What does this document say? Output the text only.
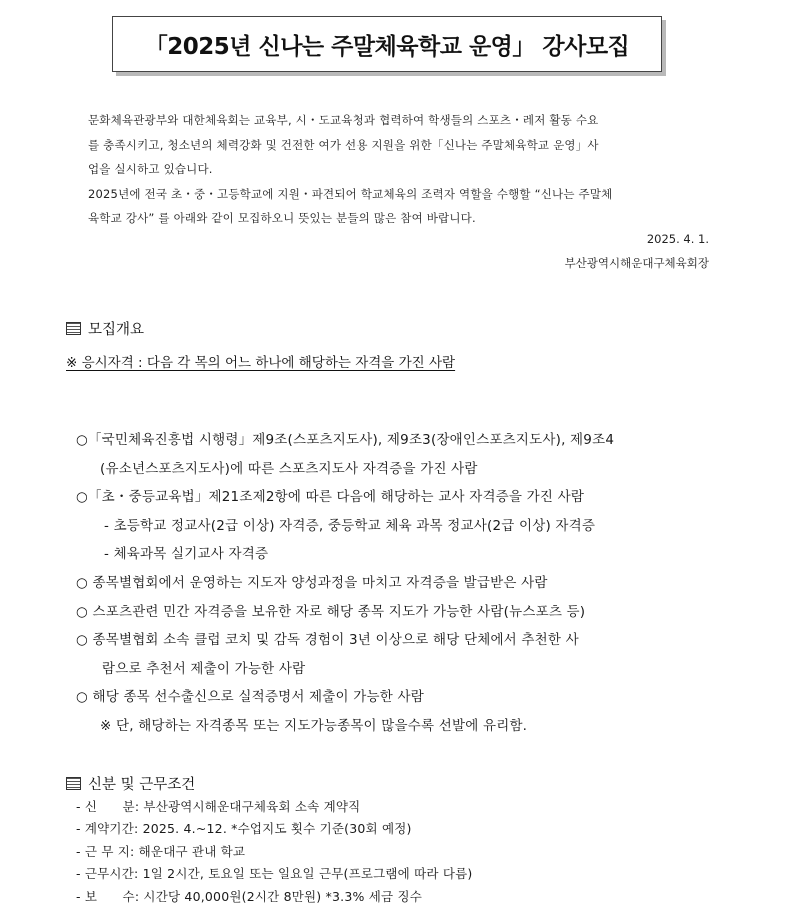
「2025년 신나는 주말체육학교 운영」 강사모집

문화체육관광부와 대한체육회는 교육부, 시・도교육청과 협력하여 학생들의 스포츠・레저 활동 수요

를 충족시키고, 청소년의 체력강화 및 건전한 여가 선용 지원을 위한「신나는 주말체육학교 운영」사

업을 실시하고 있습니다.

2025년에 전국 초・중・고등학교에 지원・파견되어 학교체육의 조력자 역할을 수행할 “신나는 주말체

육학교 강사” 를 아래와 같이 모집하오니 뜻있는 분들의 많은 참여 바랍니다.

2025. 4. 1.
부산광역시해운대구체육회장
모집개요
※ 응시자격 : 다음 각 목의 어느 하나에 해당하는 자격을 가진 사람
○「국민체육진흥법 시행령」제9조(스포츠지도사), 제9조3(장애인스포츠지도사), 제9조4
(유소년스포츠지도사)에 따른 스포츠지도사 자격증을 가진 사람
○「초・중등교육법」제21조제2항에 따른 다음에 해당하는 교사 자격증을 가진 사람
- 초등학교 정교사(2급 이상) 자격증, 중등학교 체육 과목 정교사(2급 이상) 자격증
- 체육과목 실기교사 자격증
○ 종목별협회에서 운영하는 지도자 양성과정을 마치고 자격증을 발급받은 사람
○ 스포츠관련 민간 자격증을 보유한 자로 해당 종목 지도가 가능한 사람(뉴스포츠 등)
○ 종목별협회 소속 클럽 코치 및 감독 경험이 3년 이상으로 해당 단체에서 추천한 사
람으로 추천서 제출이 가능한 사람
○ 해당 종목 선수출신으로 실적증명서 제출이 가능한 사람
※ 단, 해당하는 자격종목 또는 지도가능종목이 많을수록 선발에 유리함.
신분 및 근무조건
- 신　　분: 부산광역시해운대구체육회 소속 계약직
- 계약기간: 2025. 4.~12. *수업지도 횟수 기준(30회 예정)
- 근 무 지: 해운대구 관내 학교
- 근무시간: 1일 2시간, 토요일 또는 일요일 근무(프로그램에 따라 다름)
- 보　　수: 시간당 40,000원(2시간 8만원) *3.3% 세금 징수
